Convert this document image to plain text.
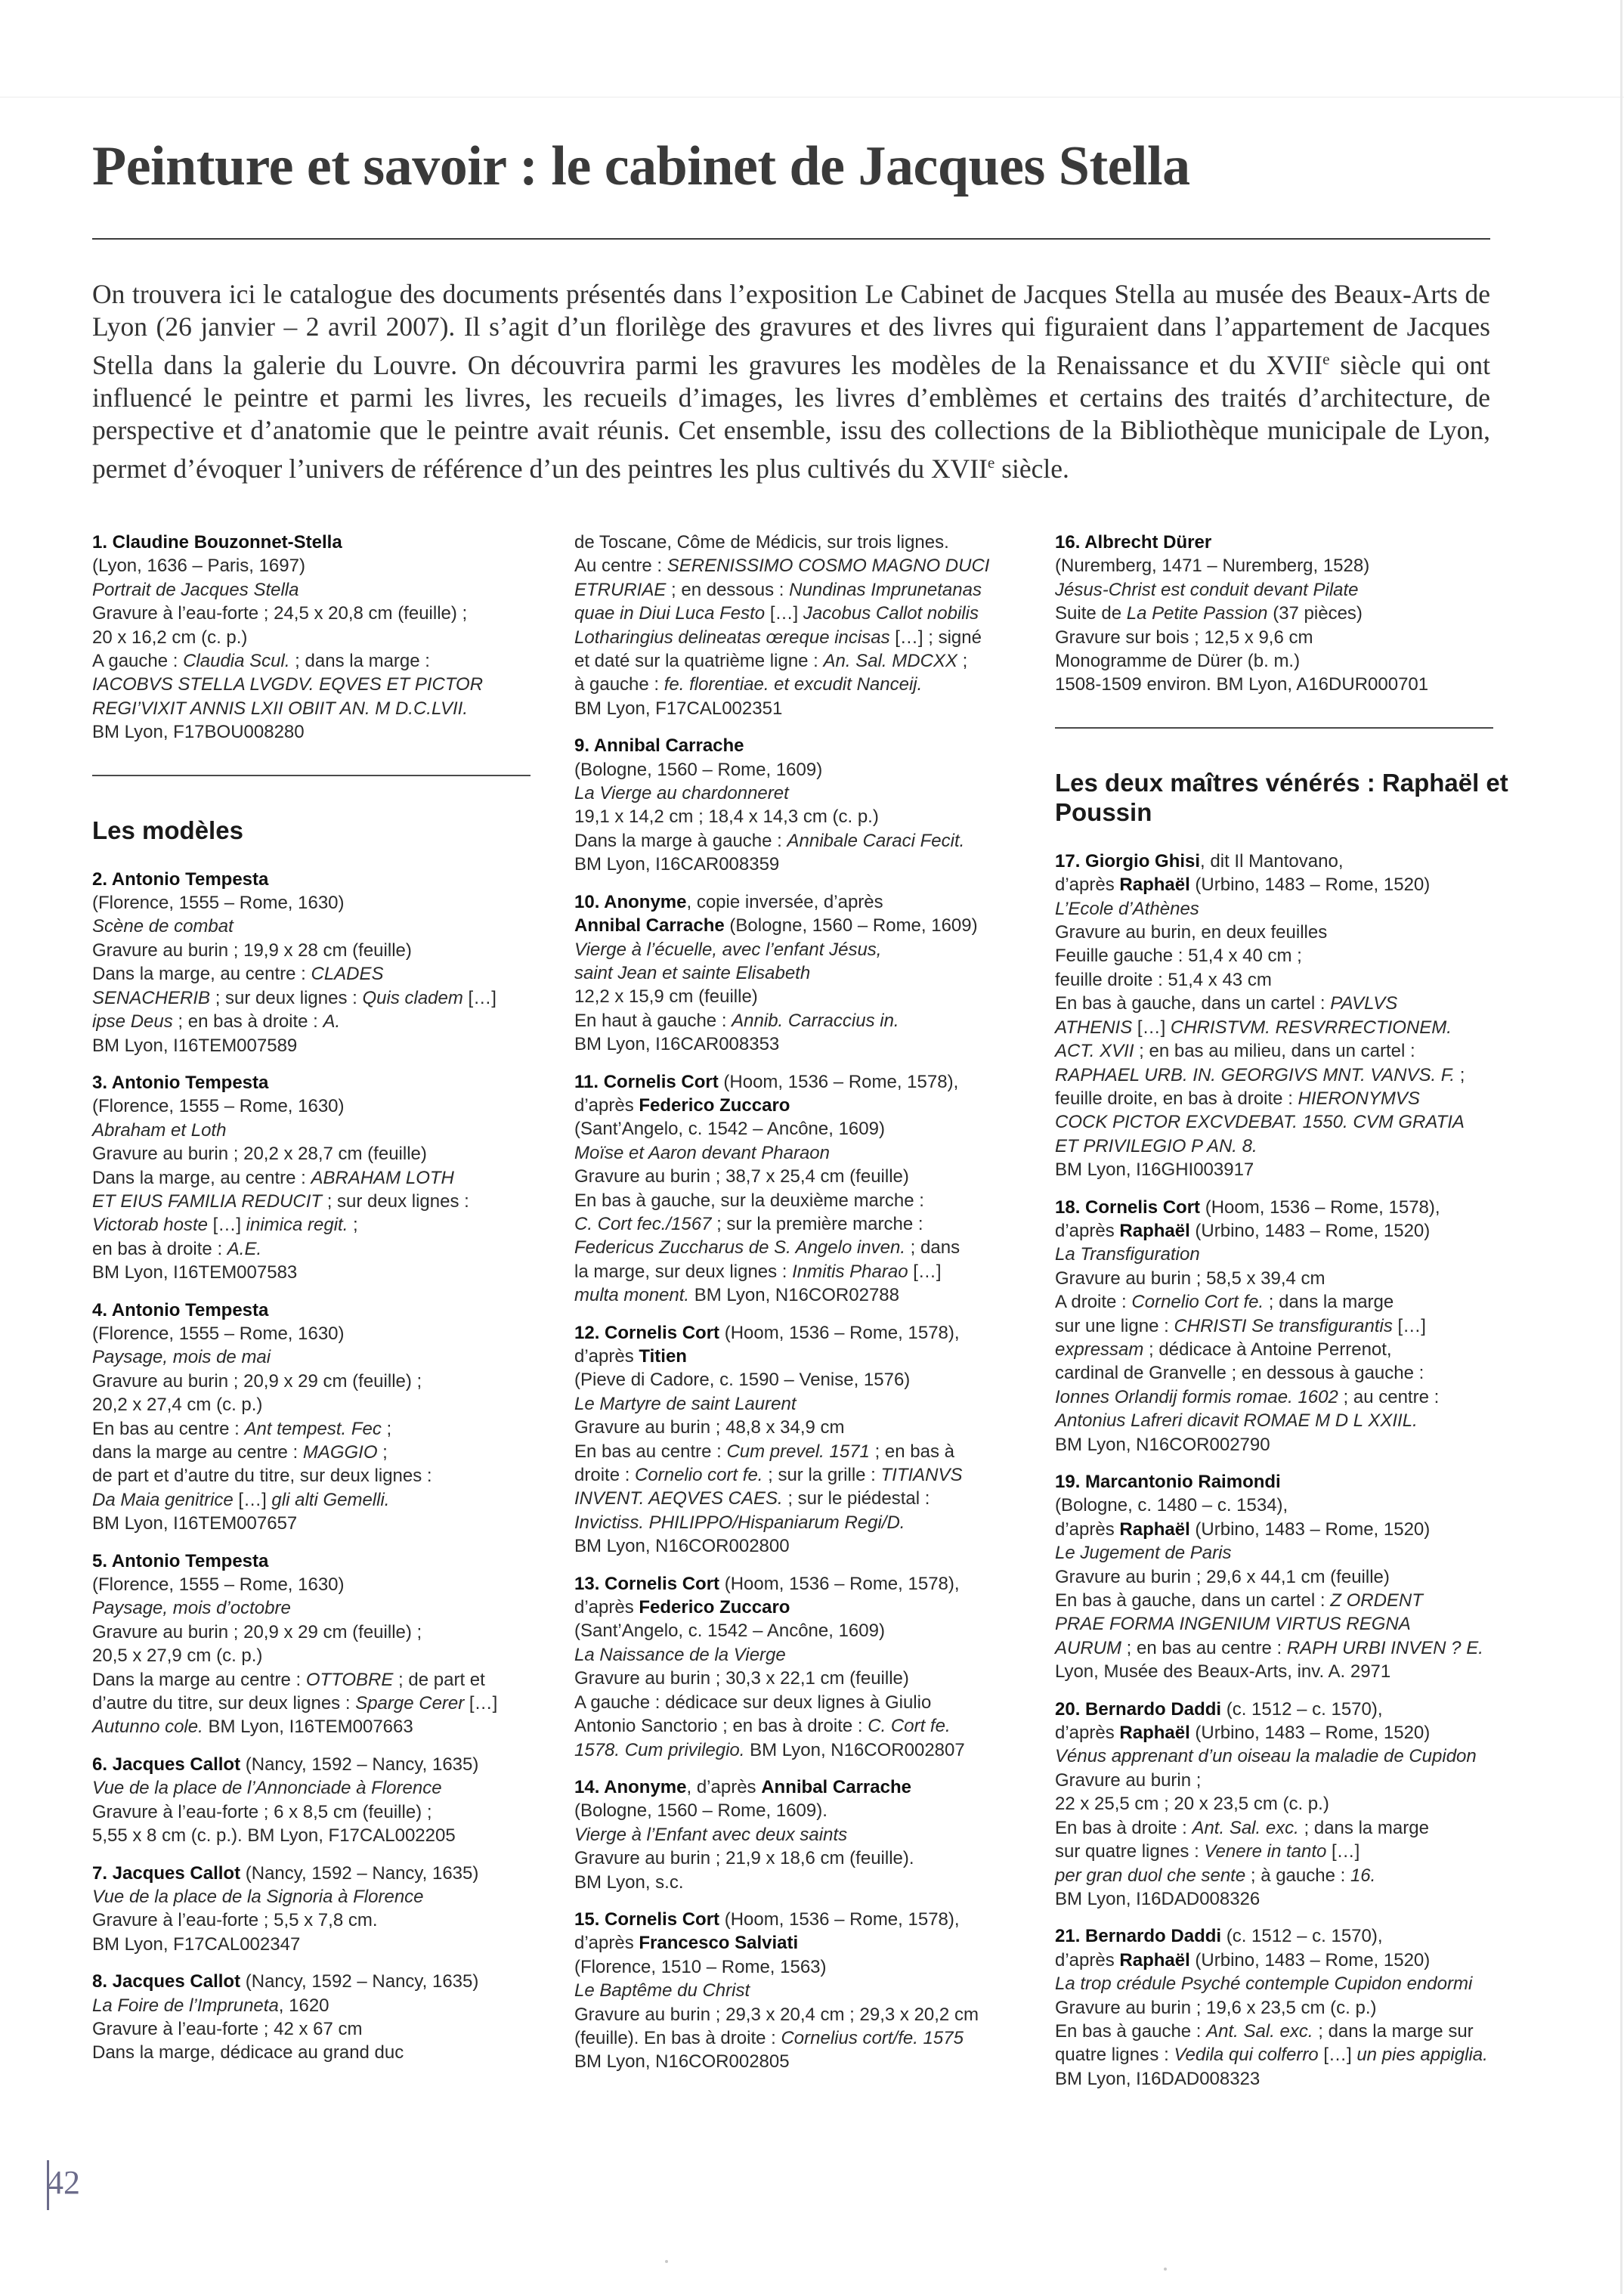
Peinture et savoir : le cabinet de Jacques Stella

On trouvera ici le catalogue des documents présentés dans l’exposition Le Cabinet de Jacques Stella au musée des Beaux-Arts de Lyon (26 janvier – 2 avril 2007). Il s’agit d’un florilège des gravures et des livres qui figuraient dans l’appartement de Jacques Stella dans la galerie du Louvre. On découvrira parmi les gravures les modèles de la Renaissance et du XVIIe siècle qui ont influencé le peintre et parmi les livres, les recueils d’images, les livres d’emblèmes et certains des traités d’architecture, de perspective et d’anatomie que le peintre avait réunis. Cet ensemble, issu des collections de la Bibliothèque municipale de Lyon, permet d’évoquer l’univers de référence d’un des peintres les plus cultivés du XVIIe siècle.

1. Claudine Bouzonnet-Stella
(Lyon, 1636 – Paris, 1697)
Portrait de Jacques Stella
Gravure à l’eau-forte ; 24,5 x 20,8 cm (feuille) ;
20 x 16,2 cm (c. p.)
A gauche : Claudia Scul. ; dans la marge :
IACOBVS STELLA LVGDV. EQVES ET PICTOR
REGI’VIXIT ANNIS LXII OBIIT AN. M D.C.LVII.
BM Lyon, F17BOU008280
Les modèles
2. Antonio Tempesta
(Florence, 1555 – Rome, 1630)
Scène de combat
Gravure au burin ; 19,9 x 28 cm (feuille)
Dans la marge, au centre : CLADES
SENACHERIB ; sur deux lignes : Quis cladem […]
ipse Deus ; en bas à droite : A.
BM Lyon, I16TEM007589
3. Antonio Tempesta
(Florence, 1555 – Rome, 1630)
Abraham et Loth
Gravure au burin ; 20,2 x 28,7 cm (feuille)
Dans la marge, au centre : ABRAHAM LOTH
ET EIUS FAMILIA REDUCIT ; sur deux lignes :
Victorab hoste […] inimica regit. ;
en bas à droite : A.E.
BM Lyon, I16TEM007583
4. Antonio Tempesta
(Florence, 1555 – Rome, 1630)
Paysage, mois de mai
Gravure au burin ; 20,9 x 29 cm (feuille) ;
20,2 x 27,4 cm (c. p.)
En bas au centre : Ant tempest. Fec ;
dans la marge au centre : MAGGIO ;
de part et d’autre du titre, sur deux lignes :
Da Maia genitrice […] gli alti Gemelli.
BM Lyon, I16TEM007657
5. Antonio Tempesta
(Florence, 1555 – Rome, 1630)
Paysage, mois d’octobre
Gravure au burin ; 20,9 x 29 cm (feuille) ;
20,5 x 27,9 cm (c. p.)
Dans la marge au centre : OTTOBRE ; de part et
d’autre du titre, sur deux lignes : Sparge Cerer […]
Autunno cole. BM Lyon, I16TEM007663
6. Jacques Callot (Nancy, 1592 – Nancy, 1635)
Vue de la place de l’Annonciade à Florence
Gravure à l’eau-forte ; 6 x 8,5 cm (feuille) ;
5,55 x 8 cm (c. p.). BM Lyon, F17CAL002205
7. Jacques Callot (Nancy, 1592 – Nancy, 1635)
Vue de la place de la Signoria à Florence
Gravure à l’eau-forte ; 5,5 x 7,8 cm.
BM Lyon, F17CAL002347
8. Jacques Callot (Nancy, 1592 – Nancy, 1635)
La Foire de l’Impruneta, 1620
Gravure à l’eau-forte ; 42 x 67 cm
Dans la marge, dédicace au grand duc
de Toscane, Côme de Médicis, sur trois lignes.
Au centre : SERENISSIMO COSMO MAGNO DUCI
ETRURIAE ; en dessous : Nundinas Imprunetanas
quae in Diui Luca Festo […] Jacobus Callot nobilis
Lotharingius delineatas œreque incisas […] ; signé
et daté sur la quatrième ligne : An. Sal. MDCXX ;
à gauche : fe. florentiae. et excudit Nanceij.
BM Lyon, F17CAL002351
9. Annibal Carrache
(Bologne, 1560 – Rome, 1609)
La Vierge au chardonneret
19,1 x 14,2 cm ; 18,4 x 14,3 cm (c. p.)
Dans la marge à gauche : Annibale Caraci Fecit.
BM Lyon, I16CAR008359
10. Anonyme, copie inversée, d’après
Annibal Carrache (Bologne, 1560 – Rome, 1609)
Vierge à l’écuelle, avec l’enfant Jésus,
saint Jean et sainte Elisabeth
12,2 x 15,9 cm (feuille)
En haut à gauche : Annib. Carraccius in.
BM Lyon, I16CAR008353
11. Cornelis Cort (Hoom, 1536 – Rome, 1578),
d’après Federico Zuccaro
(Sant’Angelo, c. 1542 – Ancône, 1609)
Moïse et Aaron devant Pharaon
Gravure au burin ; 38,7 x 25,4 cm (feuille)
En bas à gauche, sur la deuxième marche :
C. Cort fec./1567 ; sur la première marche :
Federicus Zuccharus de S. Angelo inven. ; dans
la marge, sur deux lignes : Inmitis Pharao […]
multa monent. BM Lyon, N16COR02788
12. Cornelis Cort (Hoom, 1536 – Rome, 1578),
d’après Titien
(Pieve di Cadore, c. 1590 – Venise, 1576)
Le Martyre de saint Laurent
Gravure au burin ; 48,8 x 34,9 cm
En bas au centre : Cum prevel. 1571 ; en bas à
droite : Cornelio cort fe. ; sur la grille : TITIANVS
INVENT. AEQVES CAES. ; sur le piédestal :
Invictiss. PHILIPPO/Hispaniarum Regi/D.
BM Lyon, N16COR002800
13. Cornelis Cort (Hoom, 1536 – Rome, 1578),
d’après Federico Zuccaro
(Sant’Angelo, c. 1542 – Ancône, 1609)
La Naissance de la Vierge
Gravure au burin ; 30,3 x 22,1 cm (feuille)
A gauche : dédicace sur deux lignes à Giulio
Antonio Sanctorio ; en bas à droite : C. Cort fe.
1578. Cum privilegio. BM Lyon, N16COR002807
14. Anonyme, d’après Annibal Carrache
(Bologne, 1560 – Rome, 1609).
Vierge à l’Enfant avec deux saints
Gravure au burin ; 21,9 x 18,6 cm (feuille).
BM Lyon, s.c.
15. Cornelis Cort (Hoom, 1536 – Rome, 1578),
d’après Francesco Salviati
(Florence, 1510 – Rome, 1563)
Le Baptême du Christ
Gravure au burin ; 29,3 x 20,4 cm ; 29,3 x 20,2 cm
(feuille). En bas à droite : Cornelius cort/fe. 1575
BM Lyon, N16COR002805
16. Albrecht Dürer
(Nuremberg, 1471 – Nuremberg, 1528)
Jésus-Christ est conduit devant Pilate
Suite de La Petite Passion (37 pièces)
Gravure sur bois ; 12,5 x 9,6 cm
Monogramme de Dürer (b. m.)
1508-1509 environ. BM Lyon, A16DUR000701
Les deux maîtres vénérés : Raphaël et Poussin
17. Giorgio Ghisi, dit Il Mantovano,
d’après Raphaël (Urbino, 1483 – Rome, 1520)
L’Ecole d’Athènes
Gravure au burin, en deux feuilles
Feuille gauche : 51,4 x 40 cm ;
feuille droite : 51,4 x 43 cm
En bas à gauche, dans un cartel : PAVLVS
ATHENIS […] CHRISTVM. RESVRRECTIONEM.
ACT. XVII ; en bas au milieu, dans un cartel :
RAPHAEL URB. IN. GEORGIVS MNT. VANVS. F. ;
feuille droite, en bas à droite : HIERONYMVS
COCK PICTOR EXCVDEBAT. 1550. CVM GRATIA
ET PRIVILEGIO P AN. 8.
BM Lyon, I16GHI003917
18. Cornelis Cort (Hoom, 1536 – Rome, 1578),
d’après Raphaël (Urbino, 1483 – Rome, 1520)
La Transfiguration
Gravure au burin ; 58,5 x 39,4 cm
A droite : Cornelio Cort fe. ; dans la marge
sur une ligne : CHRISTI Se transfigurantis […]
expressam ; dédicace à Antoine Perrenot,
cardinal de Granvelle ; en dessous à gauche :
Ionnes Orlandij formis romae. 1602 ; au centre :
Antonius Lafreri dicavit ROMAE M D L XXIIL.
BM Lyon, N16COR002790
19. Marcantonio Raimondi
(Bologne, c. 1480 – c. 1534),
d’après Raphaël (Urbino, 1483 – Rome, 1520)
Le Jugement de Paris
Gravure au burin ; 29,6 x 44,1 cm (feuille)
En bas à gauche, dans un cartel : Z ORDENT
PRAE FORMA INGENIUM VIRTUS REGNA
AURUM ; en bas au centre : RAPH URBI INVEN ? E.
Lyon, Musée des Beaux-Arts, inv. A. 2971
20. Bernardo Daddi (c. 1512 – c. 1570),
d’après Raphaël (Urbino, 1483 – Rome, 1520)
Vénus apprenant d’un oiseau la maladie de Cupidon
Gravure au burin ;
22 x 25,5 cm ; 20 x 23,5 cm (c. p.)
En bas à droite : Ant. Sal. exc. ; dans la marge
sur quatre lignes : Venere in tanto […]
per gran duol che sente ; à gauche : 16.
BM Lyon, I16DAD008326
21. Bernardo Daddi (c. 1512 – c. 1570),
d’après Raphaël (Urbino, 1483 – Rome, 1520)
La trop crédule Psyché contemple Cupidon endormi
Gravure au burin ; 19,6 x 23,5 cm (c. p.)
En bas à gauche : Ant. Sal. exc. ; dans la marge sur
quatre lignes : Vedila qui colferro […] un pies appiglia.
BM Lyon, I16DAD008323
42
